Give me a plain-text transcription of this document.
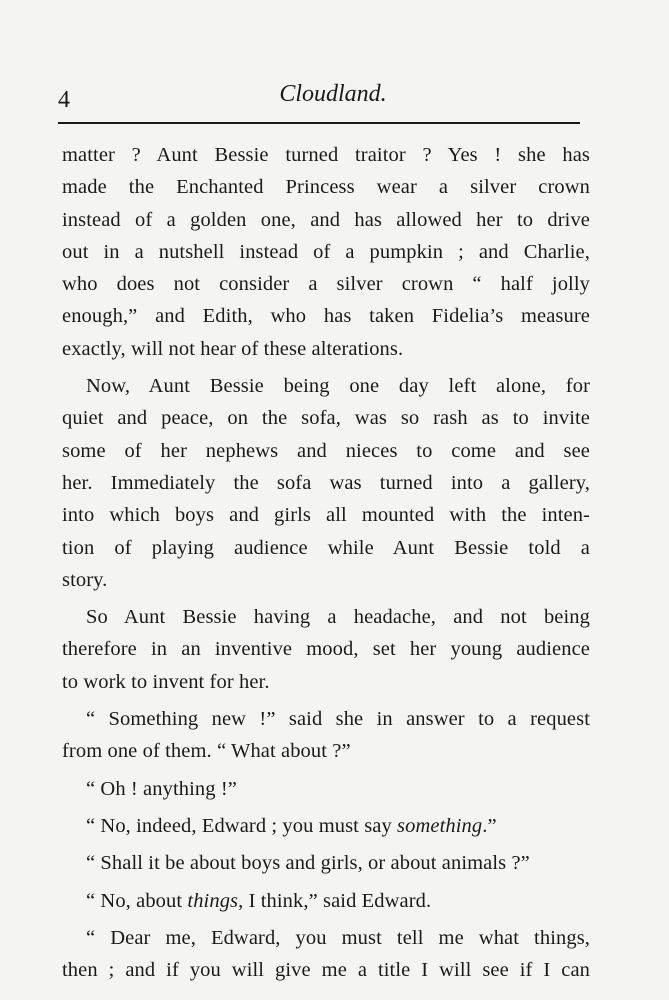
4	Cloudland.
matter ? Aunt Bessie turned traitor ? Yes ! she has
made the Enchanted Princess wear a silver crown
instead of a golden one, and has allowed her to drive
out in a nutshell instead of a pumpkin ; and Charlie,
who does not consider a silver crown “ half jolly
enough,” and Edith, who has taken Fidelia’s measure
exactly, will not hear of these alterations.
Now, Aunt Bessie being one day left alone, for
quiet and peace, on the sofa, was so rash as to invite
some of her nephews and nieces to come and see
her. Immediately the sofa was turned into a gallery,
into which boys and girls all mounted with the inten-
tion of playing audience while Aunt Bessie told a
story.
So Aunt Bessie having a headache, and not being
therefore in an inventive mood, set her young audience
to work to invent for her.
“ Something new !” said she in answer to a request
from one of them. “ What about ?”
“ Oh ! anything !”
“ No, indeed, Edward ; you must say something.”
“ Shall it be about boys and girls, or about animals ?”
“ No, about things, I think,” said Edward.
“ Dear me, Edward, you must tell me what things,
then ; and if you will give me a title I will see if I can
